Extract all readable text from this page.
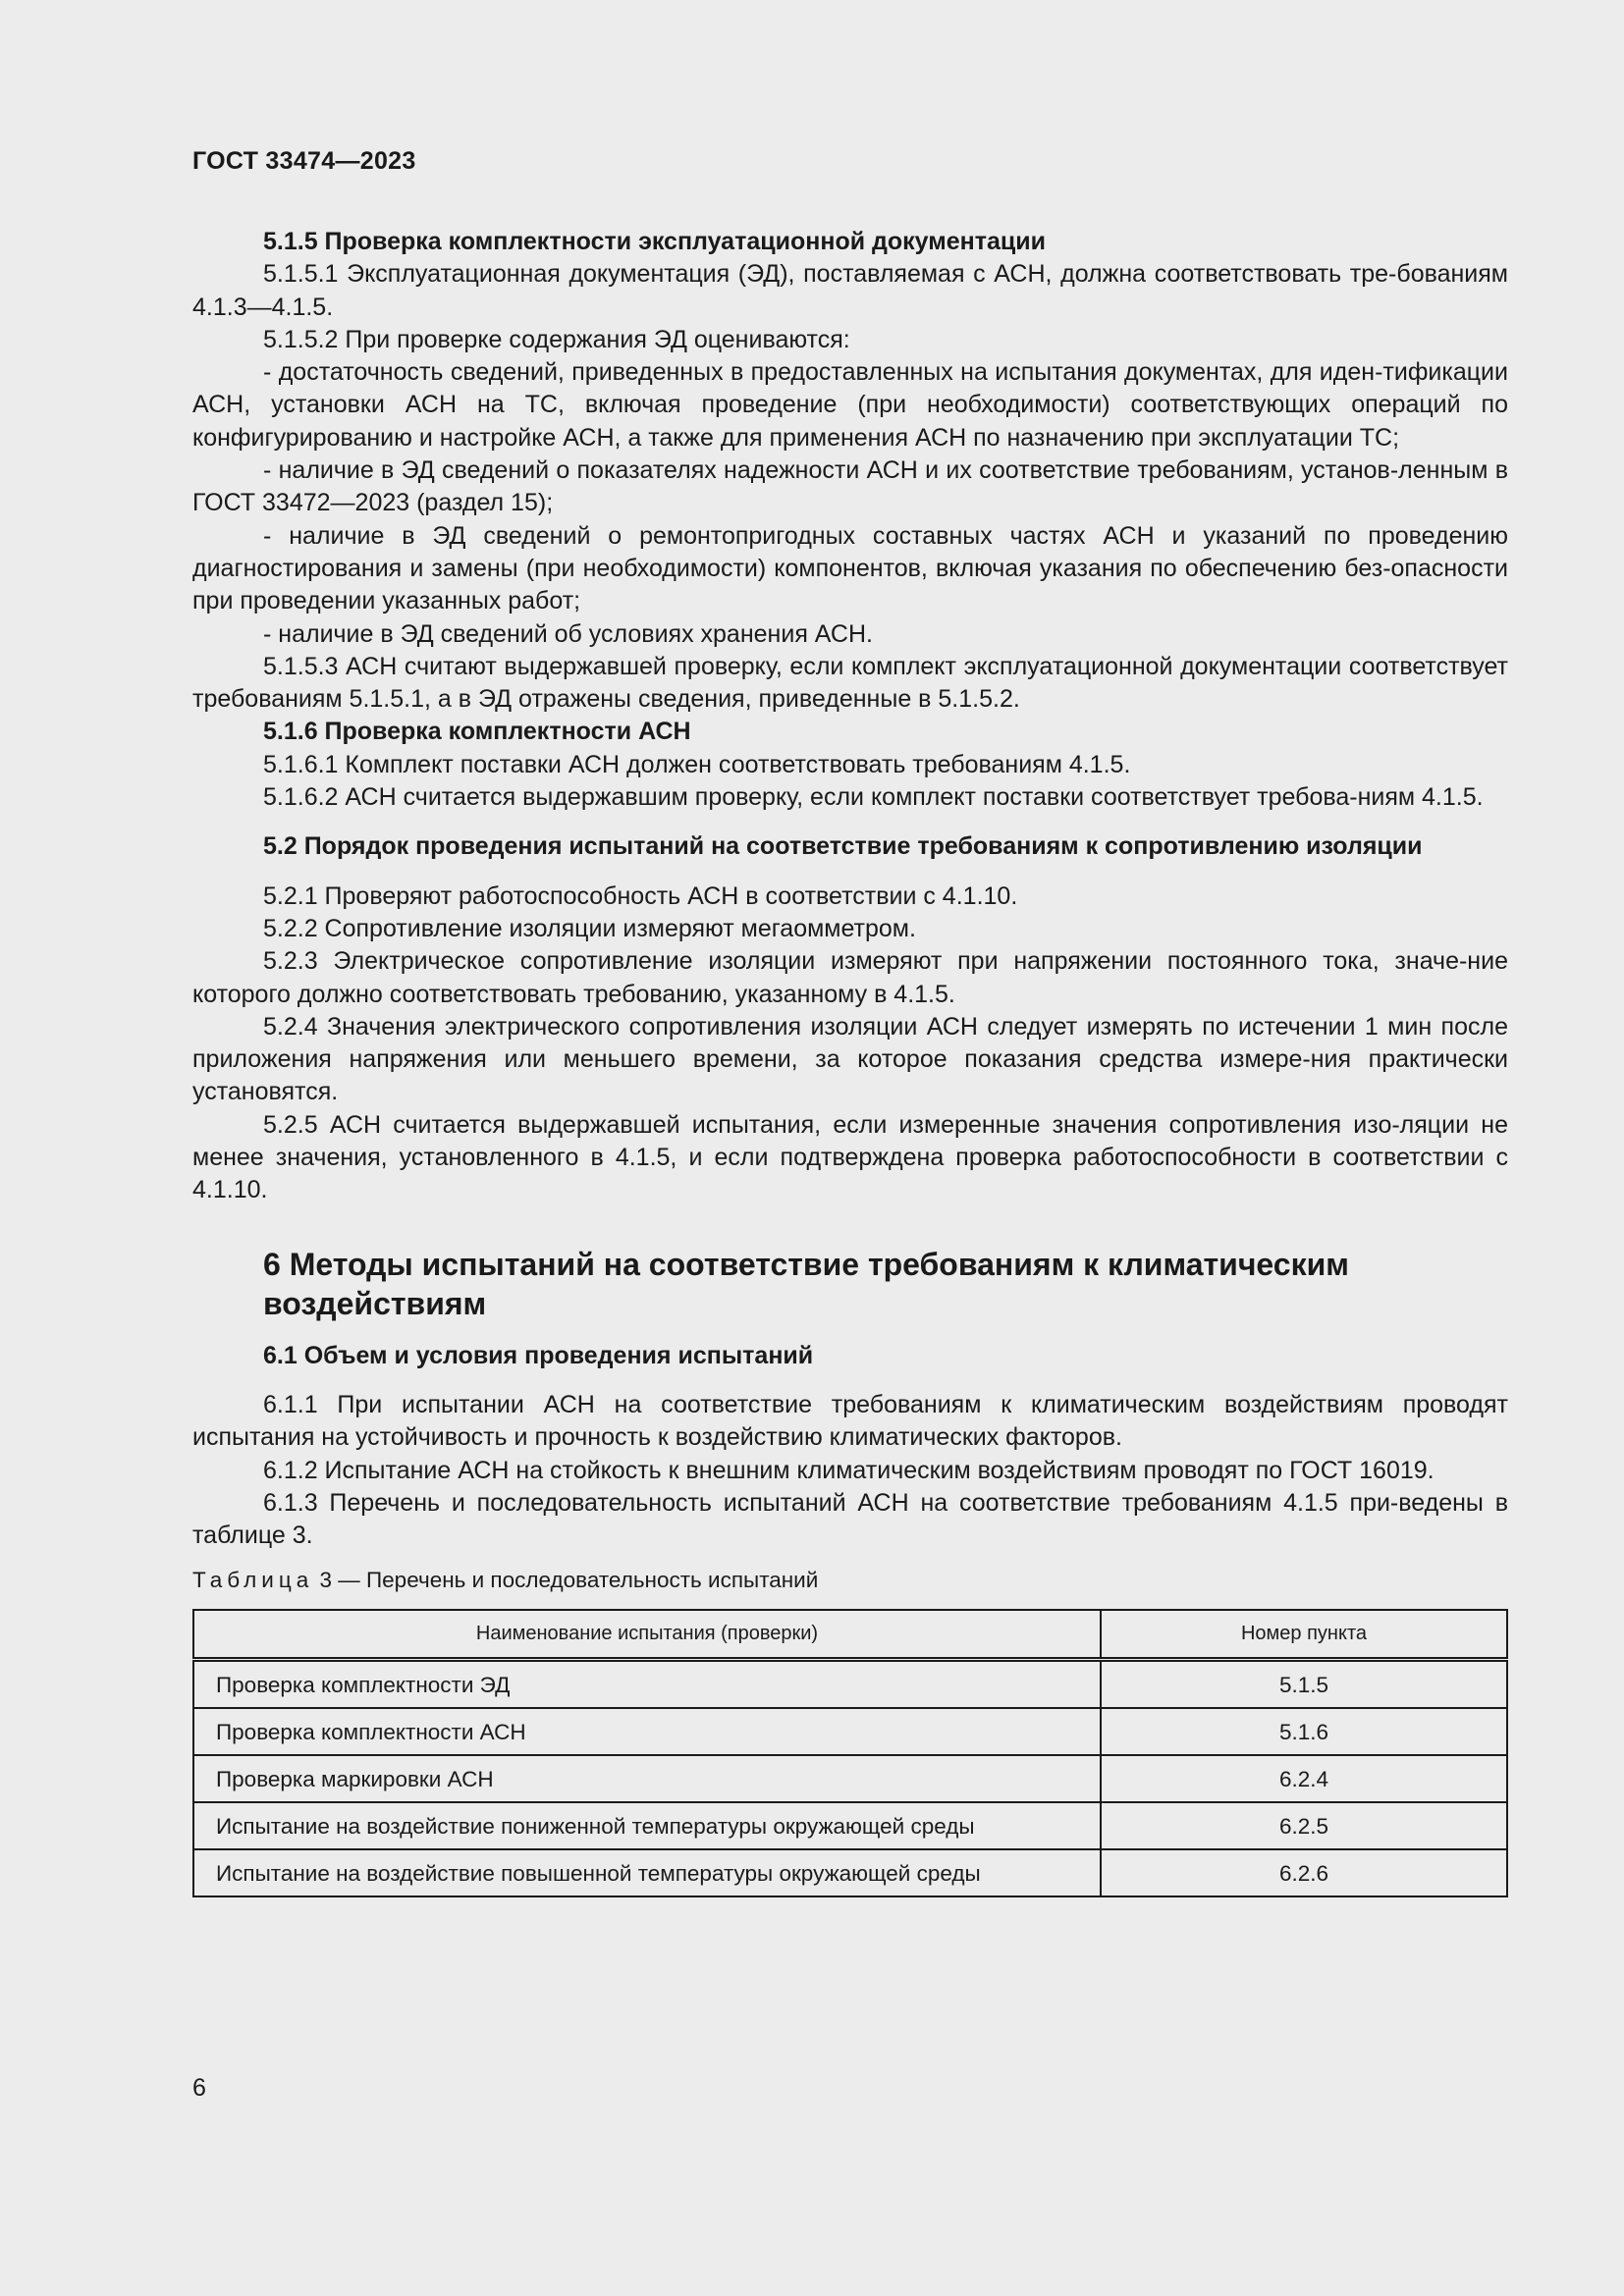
ГОСТ 33474—2023

5.1.5 Проверка комплектности эксплуатационной документации

5.1.5.1 Эксплуатационная документация (ЭД), поставляемая с АСН, должна соответствовать тре-бованиям 4.1.3—4.1.5.

5.1.5.2 При проверке содержания ЭД оцениваются:

- достаточность сведений, приведенных в предоставленных на испытания документах, для иден-тификации АСН, установки АСН на ТС, включая проведение (при необходимости) соответствующих операций по конфигурированию и настройке АСН, а также для применения АСН по назначению при эксплуатации ТС;

- наличие в ЭД сведений о показателях надежности АСН и их соответствие требованиям, установ-ленным в ГОСТ 33472—2023 (раздел 15);

- наличие в ЭД сведений о ремонтопригодных составных частях АСН и указаний по проведению диагностирования и замены (при необходимости) компонентов, включая указания по обеспечению без-опасности при проведении указанных работ;

- наличие в ЭД сведений об условиях хранения АСН.

5.1.5.3 АСН считают выдержавшей проверку, если комплект эксплуатационной документации соответствует требованиям 5.1.5.1, а в ЭД отражены сведения, приведенные в 5.1.5.2.

5.1.6 Проверка комплектности АСН

5.1.6.1 Комплект поставки АСН должен соответствовать требованиям 4.1.5.

5.1.6.2 АСН считается выдержавшим проверку, если комплект поставки соответствует требова-ниям 4.1.5.

5.2 Порядок проведения испытаний на соответствие требованиям к сопротивлению изоляции

5.2.1 Проверяют работоспособность АСН в соответствии с 4.1.10.

5.2.2 Сопротивление изоляции измеряют мегаомметром.

5.2.3 Электрическое сопротивление изоляции измеряют при напряжении постоянного тока, значе-ние которого должно соответствовать требованию, указанному в 4.1.5.

5.2.4 Значения электрического сопротивления изоляции АСН следует измерять по истечении 1 мин после приложения напряжения или меньшего времени, за которое показания средства измере-ния практически установятся.

5.2.5 АСН считается выдержавшей испытания, если измеренные значения сопротивления изо-ляции не менее значения, установленного в 4.1.5, и если подтверждена проверка работоспособности в соответствии с 4.1.10.

6 Методы испытаний на соответствие требованиям к климатическим воздействиям

6.1 Объем и условия проведения испытаний

6.1.1 При испытании АСН на соответствие требованиям к климатическим воздействиям проводят испытания на устойчивость и прочность к воздействию климатических факторов.

6.1.2 Испытание АСН на стойкость к внешним климатическим воздействиям проводят по ГОСТ 16019.

6.1.3 Перечень и последовательность испытаний АСН на соответствие требованиям 4.1.5 при-ведены в таблице 3.

Таблица 3 — Перечень и последовательность испытаний

Наименование испытания (проверки)	Номер пункта
Проверка комплектности ЭД	5.1.5
Проверка комплектности АСН	5.1.6
Проверка маркировки АСН	6.2.4
Испытание на воздействие пониженной температуры окружающей среды	6.2.5
Испытание на воздействие повышенной температуры окружающей среды	6.2.6
6
